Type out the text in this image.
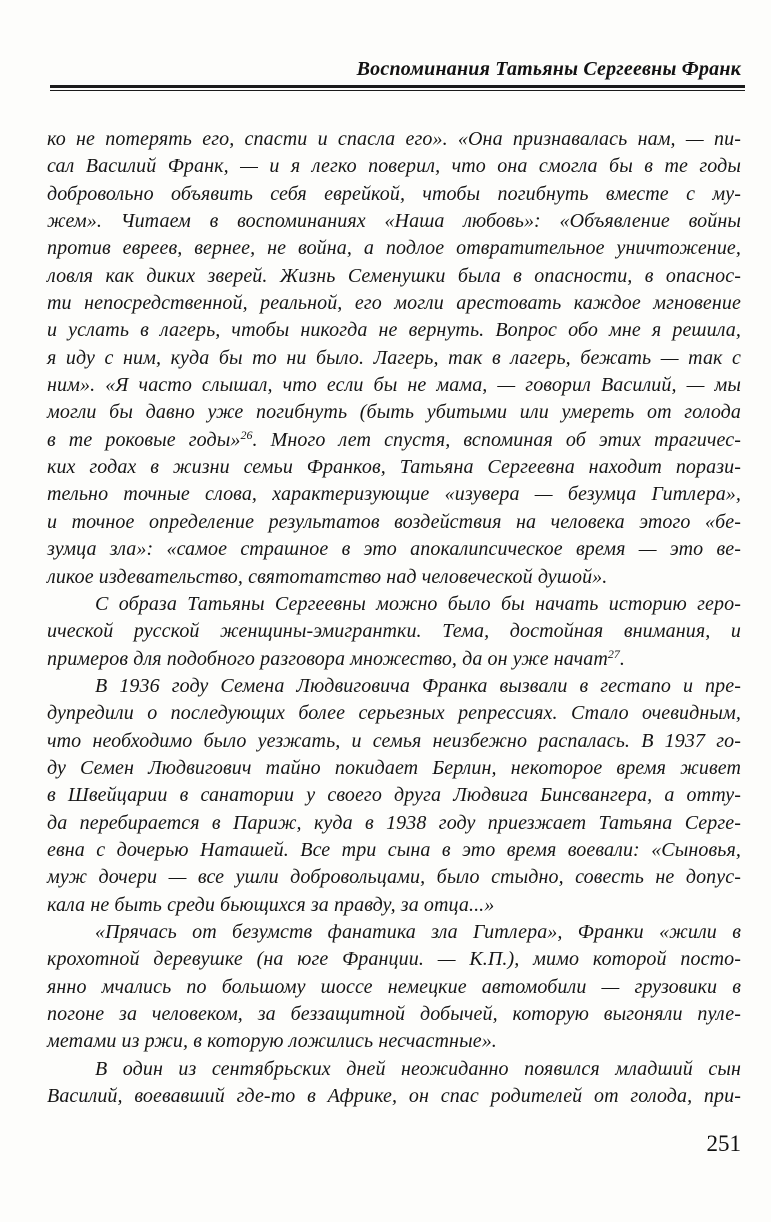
Воспоминания Татьяны Сергеевны Франк
ко не потерять его, спасти и спасла его». «Она признавалась нам, — пи-
сал Василий Франк, — и я легко поверил, что она смогла бы в те годы
добровольно объявить себя еврейкой, чтобы погибнуть вместе с му-
жем». Читаем в воспоминаниях «Наша любовь»: «Объявление войны
против евреев, вернее, не война, а подлое отвратительное уничтожение,
ловля как диких зверей. Жизнь Семенушки была в опасности, в опаснос-
ти непосредственной, реальной, его могли арестовать каждое мгновение
и услать в лагерь, чтобы никогда не вернуть. Вопрос обо мне я решила,
я иду с ним, куда бы то ни было. Лагерь, так в лагерь, бежать — так с
ним». «Я часто слышал, что если бы не мама, — говорил Василий, — мы
могли бы давно уже погибнуть (быть убитыми или умереть от голода
в те роковые годы»$^{26}$. Много лет спустя, вспоминая об этих трагичес-
ких годах в жизни семьи Франков, Татьяна Сергеевна находит порази-
тельно точные слова, характеризующие «изувера — безумца Гитлера»,
и точное определение результатов воздействия на человека этого «бе-
зумца зла»: «самое страшное в это апокалипсическое время — это ве-
ликое издевательство, святотатство над человеческой душой».
С образа Татьяны Сергеевны можно было бы начать историю геро-
ической русской женщины-эмигрантки. Тема, достойная внимания, и
примеров для подобного разговора множество, да он уже начат$^{27}$.
В 1936 году Семена Людвиговича Франка вызвали в гестапо и пре-
дупредили о последующих более серьезных репрессиях. Стало очевидным,
что необходимо было уезжать, и семья неизбежно распалась. В 1937 го-
ду Семен Людвигович тайно покидает Берлин, некоторое время живет
в Швейцарии в санатории у своего друга Людвига Бинсвангера, а отту-
да перебирается в Париж, куда в 1938 году приезжает Татьяна Серге-
евна с дочерью Наташей. Все три сына в это время воевали: «Сыновья,
муж дочери — все ушли добровольцами, было стыдно, совесть не допус-
кала не быть среди бьющихся за правду, за отца...»
«Прячась от безумств фанатика зла Гитлера», Франки «жили в
крохотной деревушке (на юге Франции. — К.П.), мимо которой посто-
янно мчались по большому шоссе немецкие автомобили — грузовики в
погоне за человеком, за беззащитной добычей, которую выгоняли пуле-
метами из ржи, в которую ложились несчастные».
В один из сентябрьских дней неожиданно появился младший сын
Василий, воевавший где-то в Африке, он спас родителей от голода, при-
251
